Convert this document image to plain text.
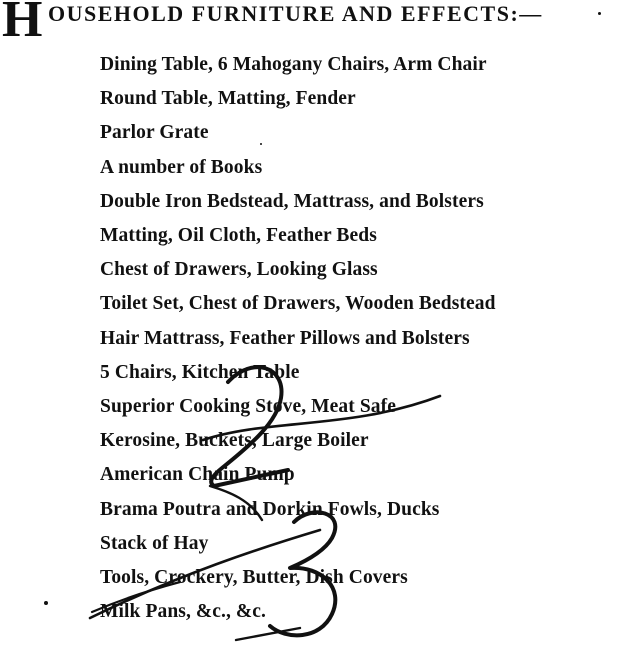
H OUSEHOLD FURNITURE AND EFFECTS:—
Dining Table, 6 Mahogany Chairs, Arm Chair
Round Table, Matting, Fender
Parlor Grate
A number of Books
Double Iron Bedstead, Mattrass, and Bolsters
Matting, Oil Cloth, Feather Beds
Chest of Drawers, Looking Glass
Toilet Set, Chest of Drawers, Wooden Bedstead
Hair Mattrass, Feather Pillows and Bolsters
5 Chairs, Kitchen Table
Superior Cooking Stove, Meat Safe
Kerosine, Buckets, Large Boiler
American Chain Pump
Brama Poutra and Dorkin Fowls, Ducks
Stack of Hay
Tools, Crockery, Butter, Dish Covers
Milk Pans, &c., &c.
